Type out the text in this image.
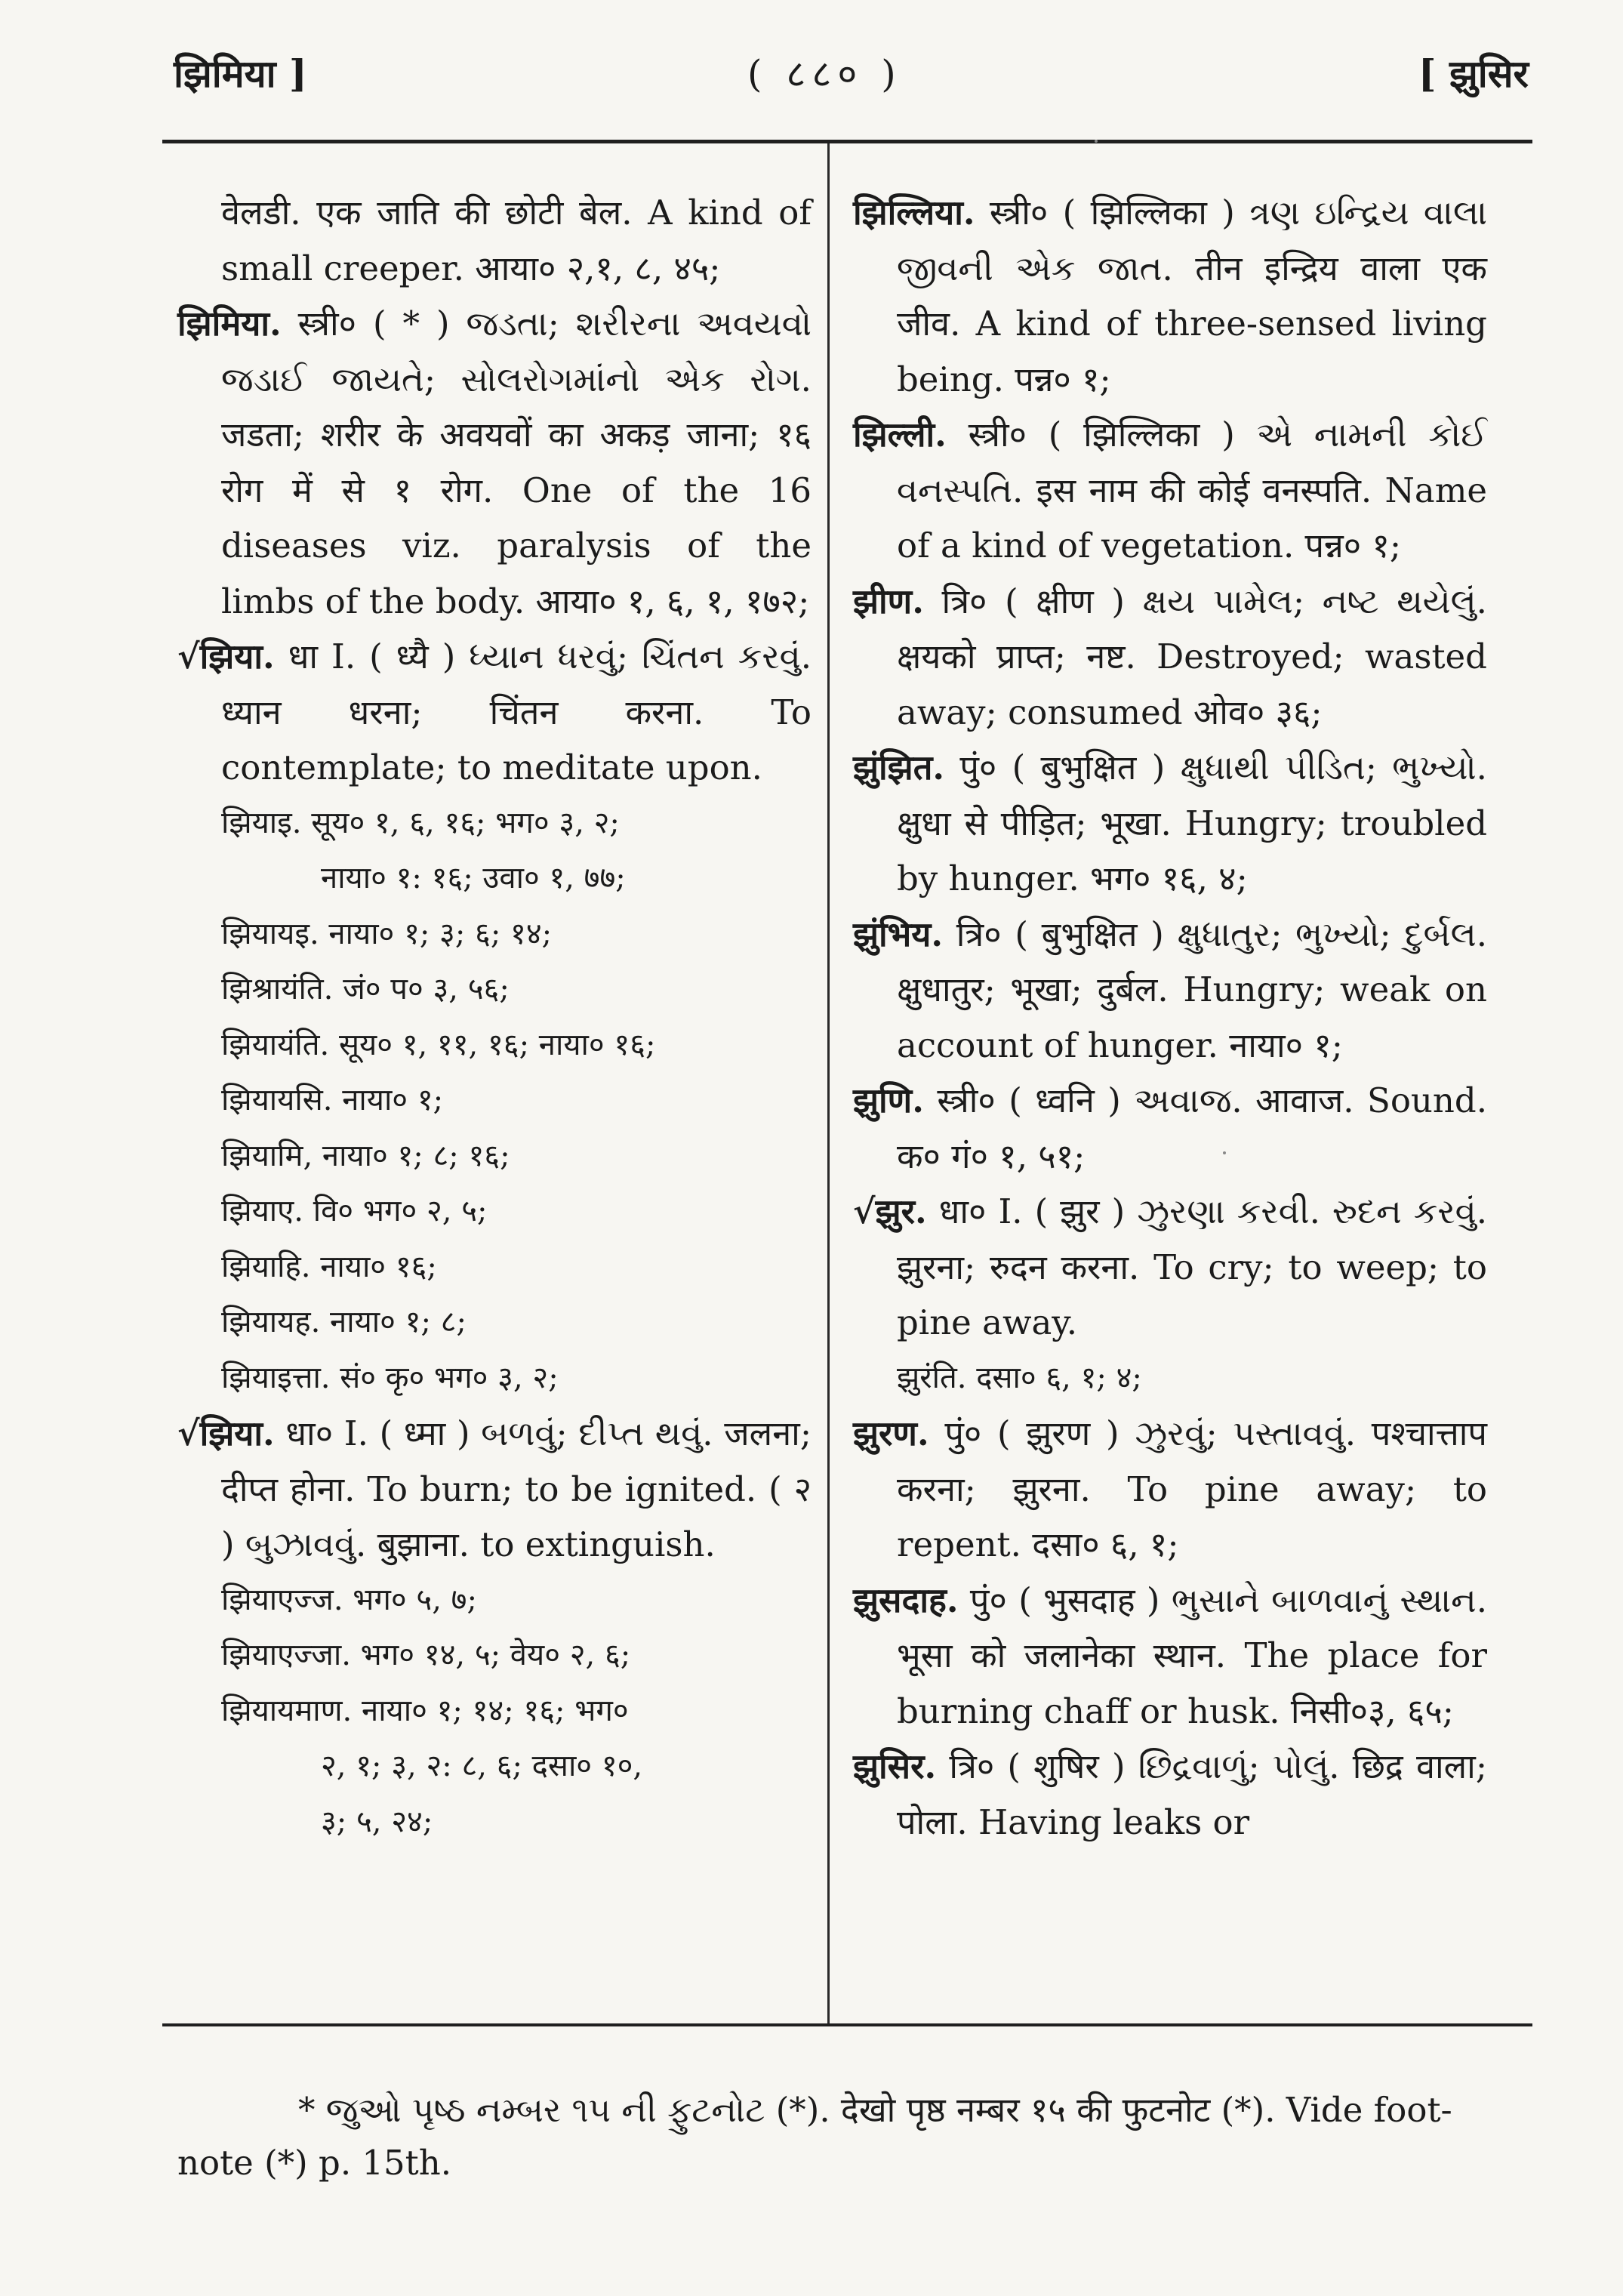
झिमिया ]	( ८८० )	[ झुसिर

वेलडी. एक जाति की छोटी बेल. A kind of small creeper. आया० २,१, ८, ४५;

झिमिया. स्त्री० ( * ) જડતા; શરીરના અવયવો જડાઈ જાયતે; સોલરોગમાંનો એક રોગ. जडता; शरीर के अवयवों का अकड़ जाना; १६ रोग में से १ रोग. One of the 16 diseases viz. paralysis of the limbs of the body. आया० १, ६, १, १७२;

√झिया. धा I. ( ध्यै ) ધ્યાન ધરવું; ચિંતન કરવું. ध्यान धरना; चिंतन करना. To contemplate; to meditate upon.

झियाइ. सूय० १, ६, १६; भग० ३, २;

नाया० १: १६; उवा० १, ७७;

झियायइ. नाया० १; ३; ६; १४;

झिश्रायंति. जं० प० ३, ५६;

झियायंति. सूय० १, ११, १६; नाया० १६;

झियायसि. नाया० १;

झियामि, नाया० १; ८; १६;

झियाए. वि० भग० २, ५;

झियाहि. नाया० १६;

झियायह. नाया० १; ८;

झियाइत्ता. सं० कृ० भग० ३, २;

√झिया. धा० I. ( ध्मा ) બળવું; દીપ્ત થવું. जलना; दीप्त होना. To burn; to be ignited. ( २ ) બુઝાવવું. बुझाना. to extinguish.

झियाएज्ज. भग० ५, ७;

झियाएज्जा. भग० १४, ५; वेय० २, ६;

झियायमाण. नाया० १; १४; १६; भग०

२, १; ३, २: ८, ६; दसा० १०,

३; ५, २४;

झिल्लिया. स्त्री० ( झिल्लिका ) ત્રણ ઇન્દ્રિય વાલા જીવની એક જાત. तीन इन्द्रिय वाला एक जीव. A kind of three-sensed living being. पन्न० १;

झिल्ली. स्त्री० ( झिल्लिका ) એ નામની કોઈ વનસ્પતિ. इस नाम की कोई वनस्पति. Name of a kind of vegetation. पन्न० १;

झीण. त्रि० ( क्षीण ) ક્ષય પામેલ; નષ્ટ થયેલું. क्षयको प्राप्त; नष्ट. Destroyed; wasted away; consumed ओव० ३६;

झुंझित. पुं० ( बुभुक्षित ) ક્ષુધાથી પીડિત; ભુખ્યો. क्षुधा से पीड़ित; भूखा. Hungry; troubled by hunger. भग० १६, ४;

झुंभिय. त्रि० ( बुभुक्षित ) ક્ષુધાતુર; ભુખ્યો; દુર્બલ. क्षुधातुर; भूखा; दुर्बल. Hungry; weak on account of hunger. नाया० १;

झुणि. स्त्री० ( ध्वनि ) અવાજ. आवाज. Sound. क० गं० १, ५१;

√झुर. धा० I. ( झुर ) ઝુરણા કરવી. રુદન કરવું. झुरना; रुदन करना. To cry; to weep; to pine away.

झुरंति. दसा० ६, १; ४;

झुरण. पुं० ( झुरण ) ઝુરવું; પસ્તાવવું. पश्चात्ताप करना; झुरना. To pine away; to repent. दसा० ६, १;

झुसदाह. पुं० ( भुसदाह ) ભુસાને બાળવાનું સ્થાન. भूसा को जलानेका स्थान. The place for burning chaff or husk. निसी०३, ६५;

झुसिर. त्रि० ( शुषिर ) છિદ્રવાળું; પોલું. छिद्र वाला; पोला. Having leaks or

* જુઓ પૃષ્ઠ નમ્બર ૧૫ ની ફુટનોટ (*). देखो पृष्ठ नम्बर १५ की फुटनोट (*). Vide foot-note (*) p. 15th.
